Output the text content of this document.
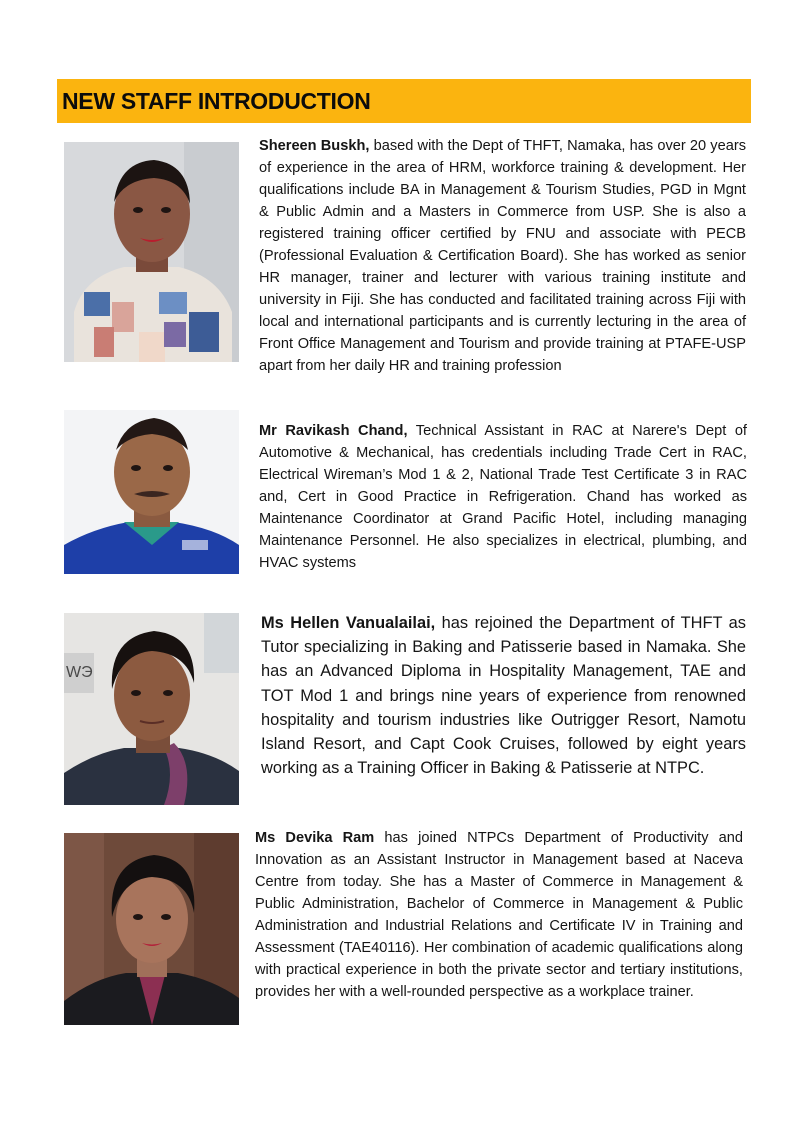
NEW STAFF INTRODUCTION
WЭ

Shereen Buskh, based with the Dept of THFT, Namaka, has over 20 years of experience in the area of HRM, workforce training & development. Her qualifications include BA in Management & Tourism Studies, PGD in Mgnt & Public Admin and a Masters in Commerce from USP. She is also a registered training officer certified by FNU and associate with PECB (Professional Evaluation & Certification Board). She has worked as senior HR manager, trainer and lecturer with various training institute and university in Fiji. She has conducted and facilitated training across Fiji with local and international participants and is currently lecturing in the area of Front Office Management and Tourism and provide training at PTAFE-USP apart from her daily HR and training profession

Mr Ravikash Chand, Technical Assistant in RAC at Narere's Dept of Automotive & Mechanical, has credentials including Trade Cert in RAC, Electrical Wireman’s Mod 1 & 2, National Trade Test Certificate 3 in RAC and, Cert in Good Practice in Refrigeration. Chand has worked as Maintenance Coordinator at Grand Pacific Hotel, including managing Maintenance Personnel. He also specializes in electrical, plumbing, and HVAC systems

Ms Hellen Vanualailai, has rejoined the Department of THFT as Tutor specializing in Baking and Patisserie based in Namaka. She has an Advanced Diploma in Hospitality Management, TAE and TOT Mod 1 and brings nine years of experience from renowned hospitality and tourism industries like Outrigger Resort, Namotu Island Resort, and Capt Cook Cruises, followed by eight years working as a Training Officer in Baking & Patisserie at NTPC.

Ms Devika Ram has joined NTPCs Department of Productivity and Innovation as an Assistant Instructor in Management based at Naceva Centre from today. She has a Master of Commerce in Management & Public Administration, Bachelor of Commerce in Management & Public Administration and Industrial Relations and Certificate IV in Training and Assessment (TAE40116). Her combination of academic qualifications along with practical experience in both the private sector and tertiary institutions, provides her with a well-rounded perspective as a workplace trainer.
